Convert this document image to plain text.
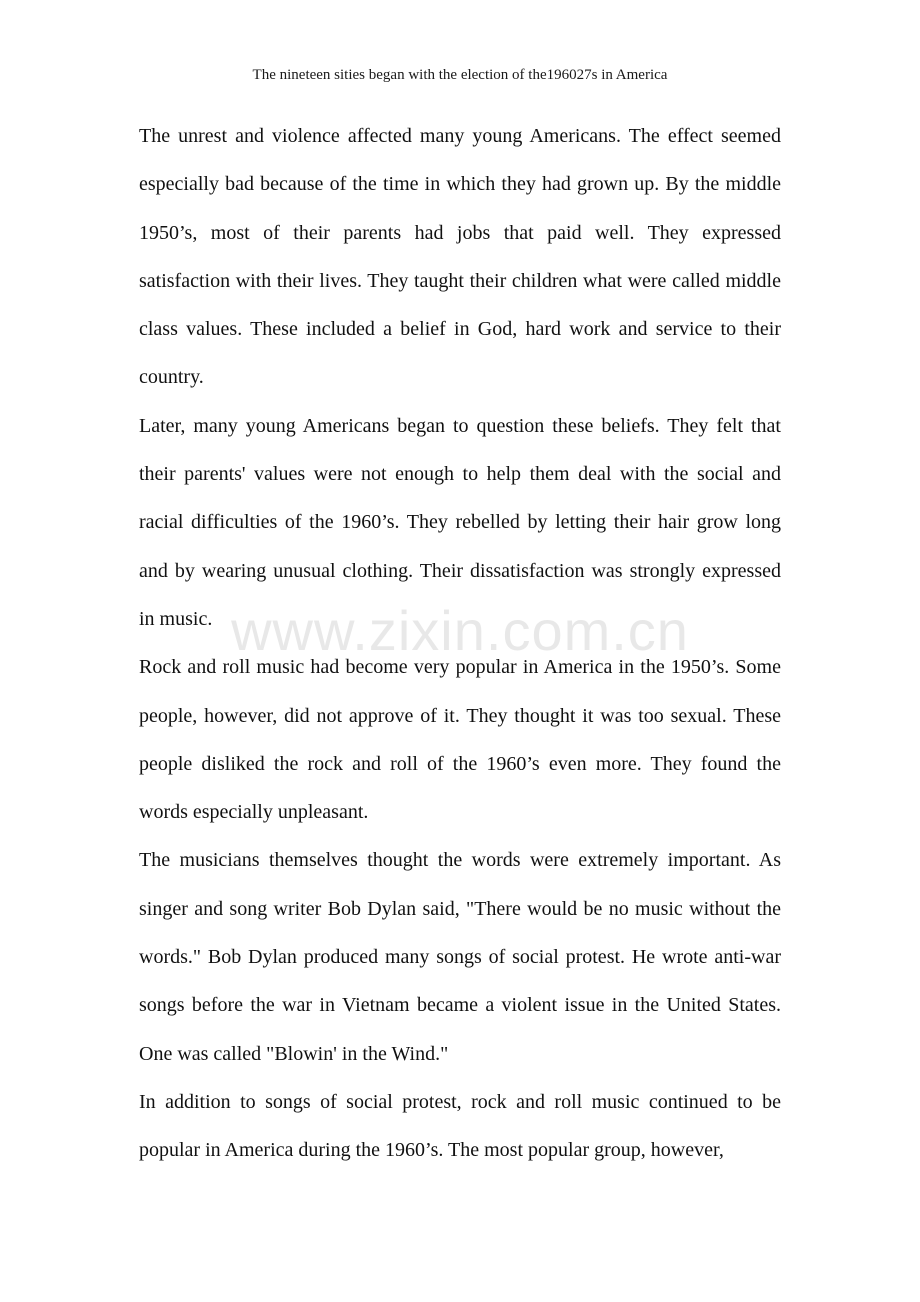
The nineteen sities began with the election of the196027s in America

The unrest and violence affected many young Americans. The effect seemed especially bad because of the time in which they had grown up. By the middle 1950’s, most of their parents had jobs that paid well. They expressed satisfaction with their lives. They taught their children what were called middle class values. These included a belief in God, hard work and service to their country.

Later, many young Americans began to question these beliefs. They felt that their parents' values were not enough to help them deal with the social and racial difficulties of the 1960’s. They rebelled by letting their hair grow long and by wearing unusual clothing. Their dissatisfaction was strongly expressed in music.

Rock and roll music had become very popular in America in the 1950’s. Some people, however, did not approve of it. They thought it was too sexual. These people disliked the rock and roll of the 1960’s even more. They found the words especially unpleasant.

The musicians themselves thought the words were extremely important. As singer and song writer Bob Dylan said, "There would be no music without the words." Bob Dylan produced many songs of social protest. He wrote anti-war songs before the war in Vietnam became a violent issue in the United States. One was called "Blowin' in the Wind."

In addition to songs of social protest, rock and roll music continued to be popular in America during the 1960’s. The most popular group, however,

www.zixin.com.cn
